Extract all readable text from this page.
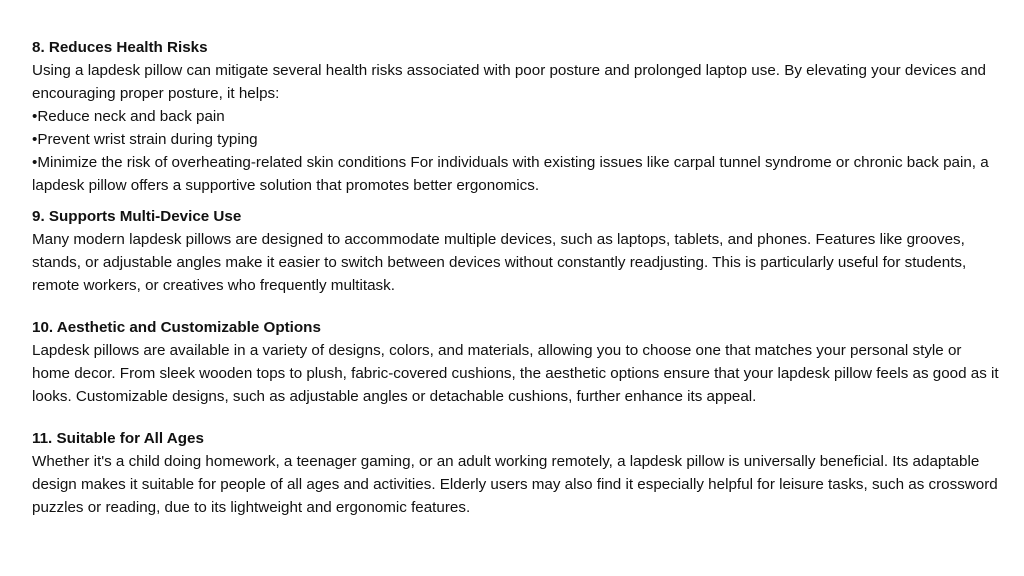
8. Reduces Health Risks
Using a lapdesk pillow can mitigate several health risks associated with poor posture and prolonged laptop use. By elevating your devices and encouraging proper posture, it helps:
•Reduce neck and back pain
•Prevent wrist strain during typing
•Minimize the risk of overheating-related skin conditions For individuals with existing issues like carpal tunnel syndrome or chronic back pain, a lapdesk pillow offers a supportive solution that promotes better ergonomics.
9. Supports Multi-Device Use
Many modern lapdesk pillows are designed to accommodate multiple devices, such as laptops, tablets, and phones. Features like grooves, stands, or adjustable angles make it easier to switch between devices without constantly readjusting. This is particularly useful for students, remote workers, or creatives who frequently multitask.
10. Aesthetic and Customizable Options
Lapdesk pillows are available in a variety of designs, colors, and materials, allowing you to choose one that matches your personal style or home decor. From sleek wooden tops to plush, fabric-covered cushions, the aesthetic options ensure that your lapdesk pillow feels as good as it looks. Customizable designs, such as adjustable angles or detachable cushions, further enhance its appeal.
11. Suitable for All Ages
Whether it's a child doing homework, a teenager gaming, or an adult working remotely, a lapdesk pillow is universally beneficial. Its adaptable design makes it suitable for people of all ages and activities. Elderly users may also find it especially helpful for leisure tasks, such as crossword puzzles or reading, due to its lightweight and ergonomic features.
